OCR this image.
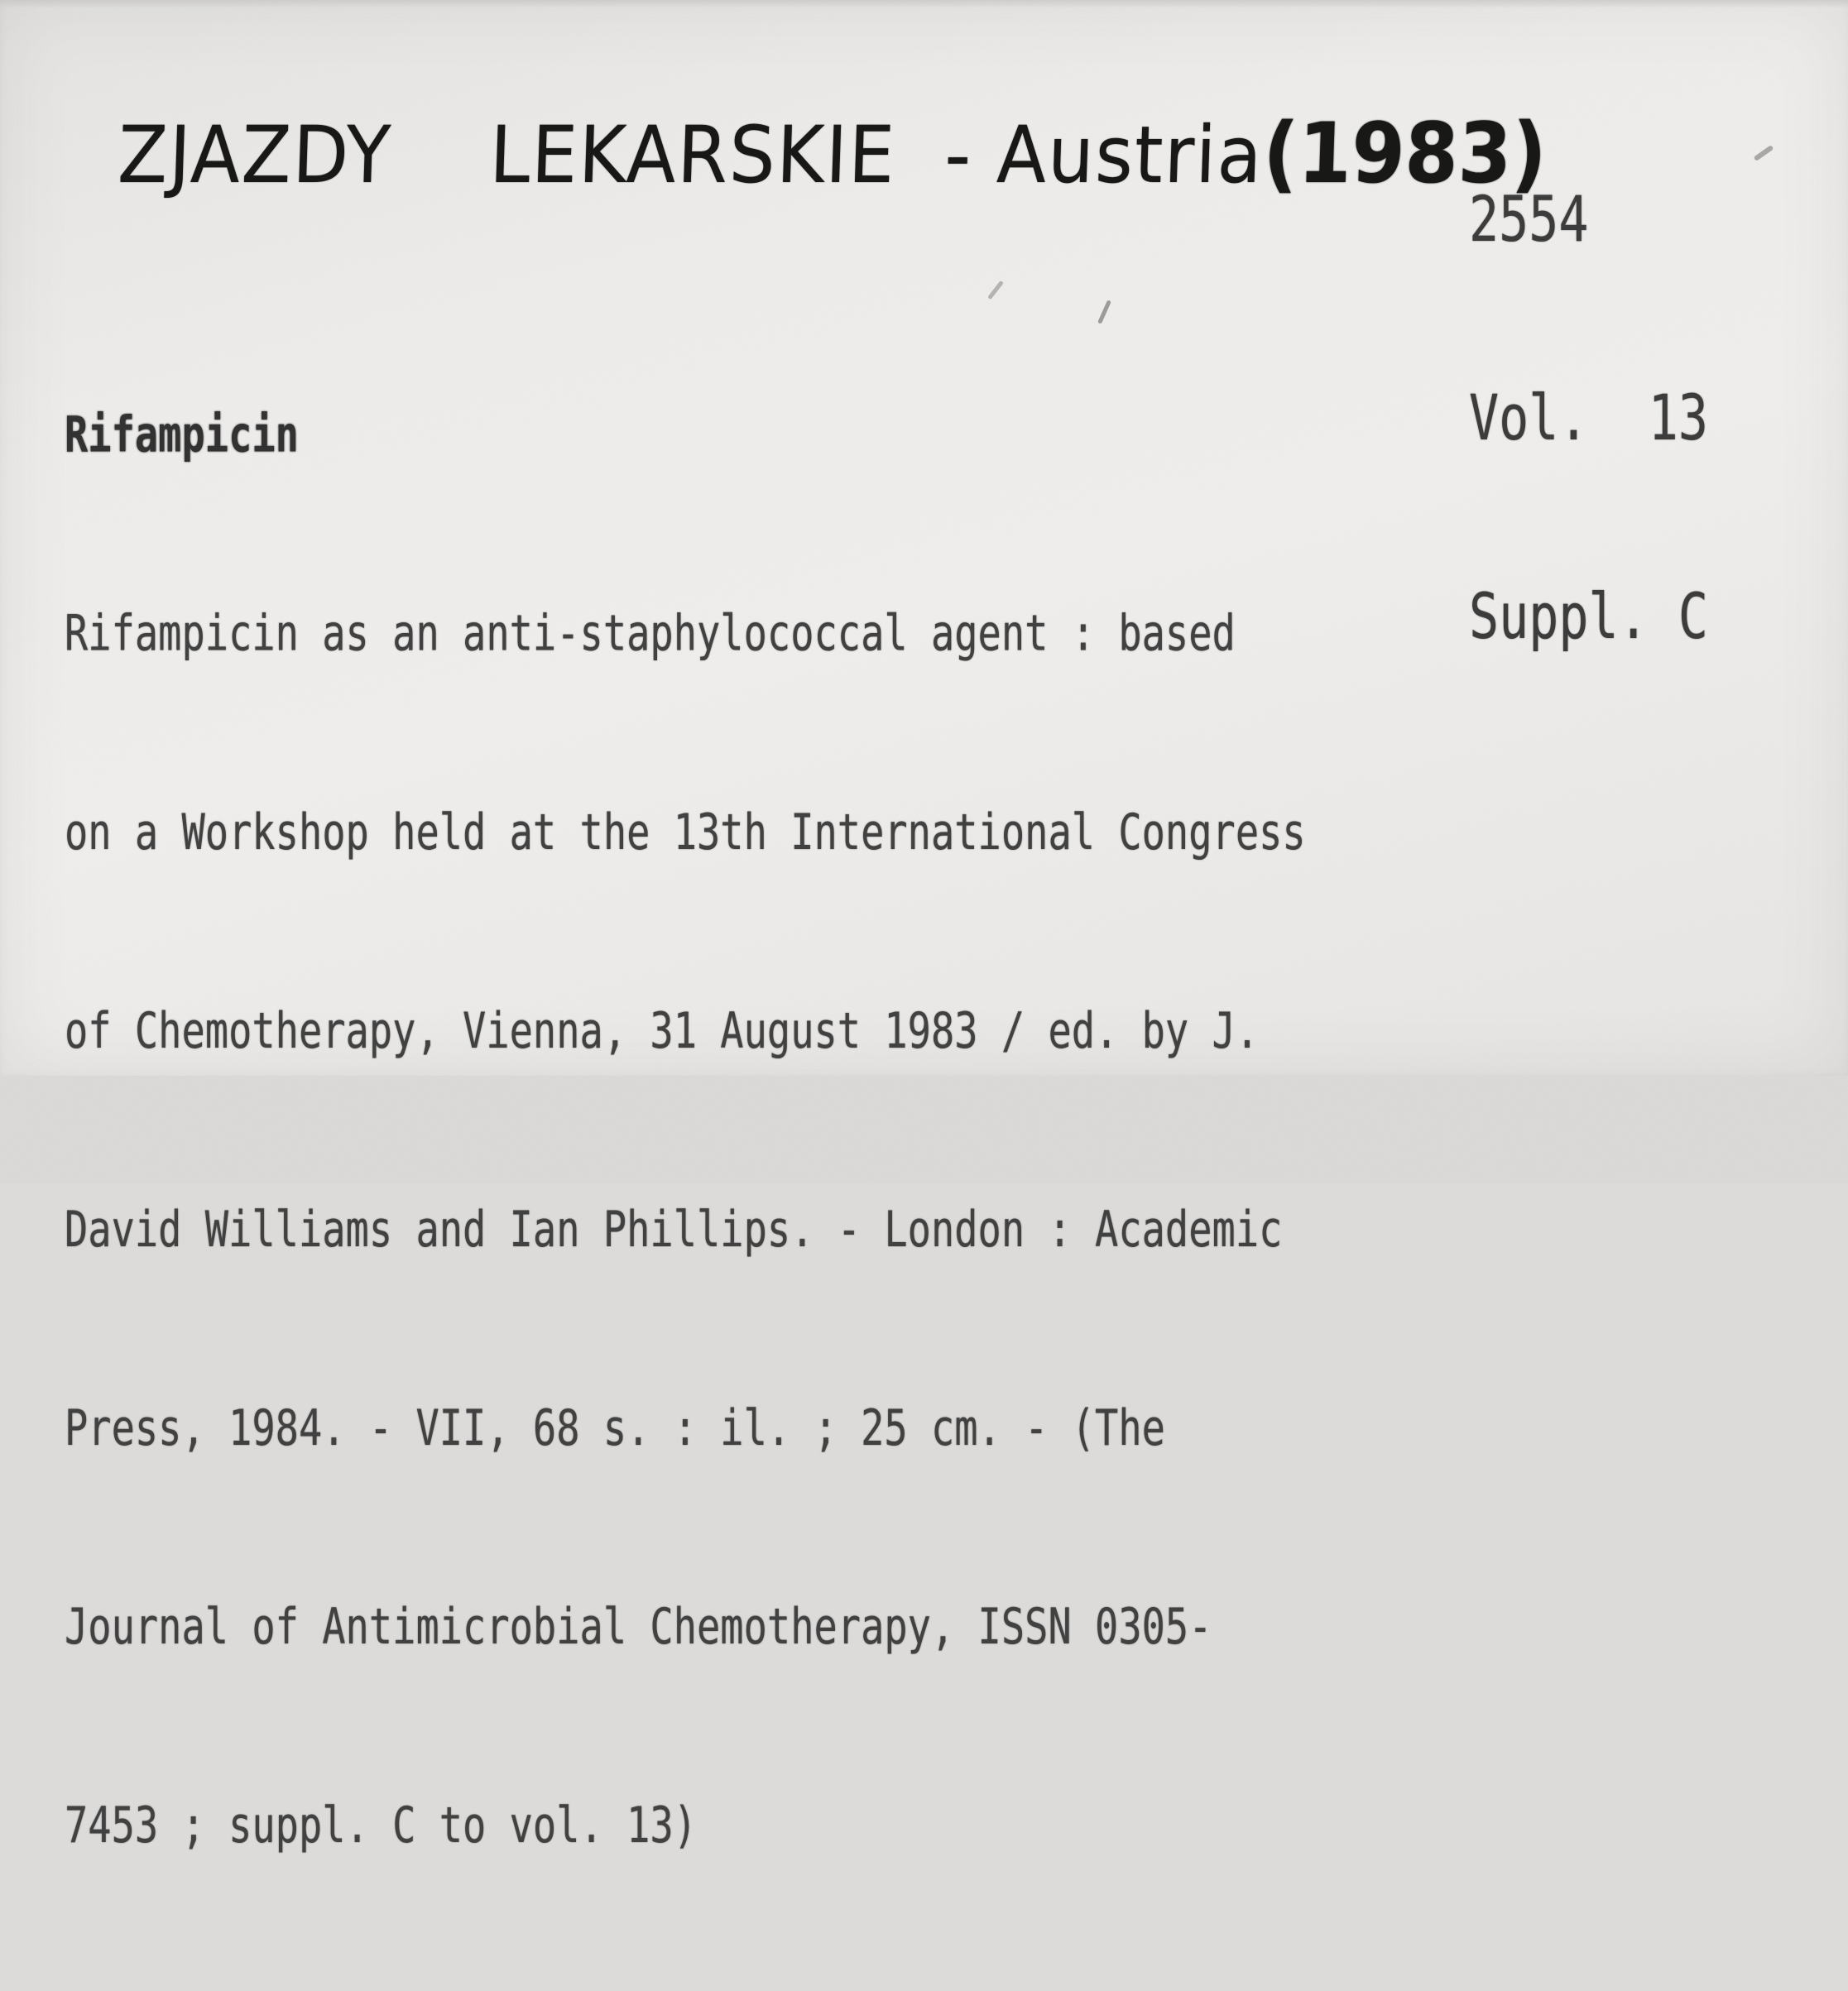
ZJAZDY    LEKARSKIE  - Austria(1983)

2554

Vol.  13

Suppl. C

Rifampicin

Rifampicin as an anti-staphylococcal agent : based

on a Workshop held at the 13th International Congress

of Chemotherapy, Vienna, 31 August 1983 / ed. by J.

David Williams and Ian Phillips. - London : Academic

Press, 1984. - VII, 68 s. : il. ; 25 cm. - (The

Journal of Antimicrobial Chemotherapy, ISSN 0305-

7453 ; suppl. C to vol. 13)
